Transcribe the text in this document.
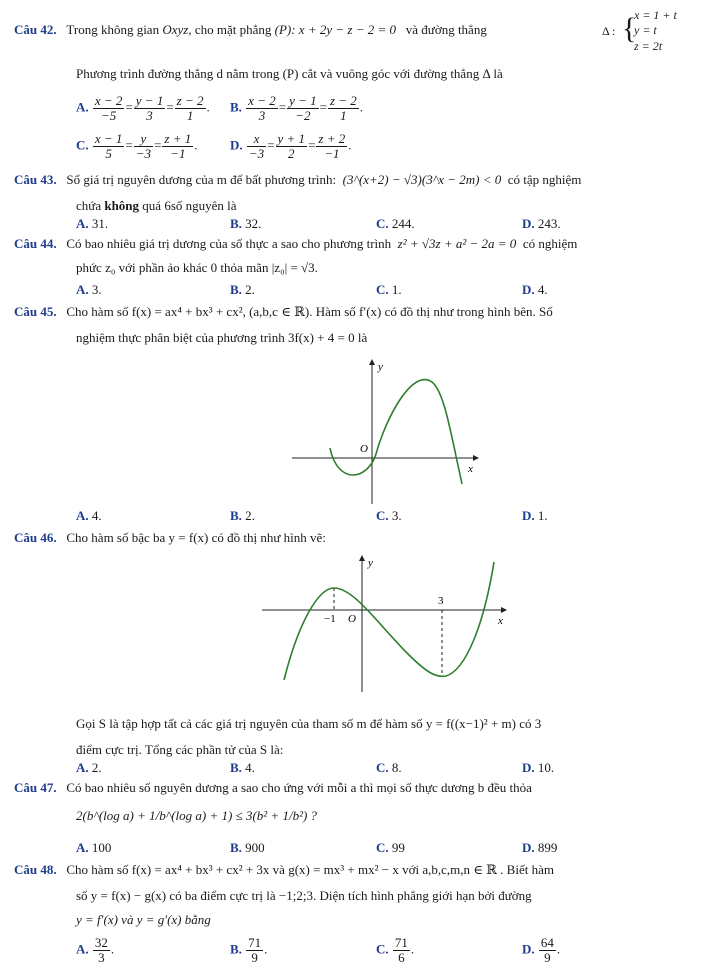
Câu 42. Trong không gian Oxyz, cho mặt phẳng (P): x + 2y − z − 2 = 0   và đường thẳng	Δ : {
x = 1 + t
y = t
z = 2t
Phương trình đường thẳng d nằm trong (P) cắt và vuông góc với đường thẳng Δ là
A. $\frac{x - 2}{-5} = \frac{y - 1}{3} = \frac{z - 2}{1}$ . B. $\frac{x - 2}{3} = \frac{y - 1}{-2} = \frac{z - 2}{1}$ .
C. $\frac{x - 1}{5} = \frac{y}{-3} = \frac{z + 1}{-1}$ .	D. $\frac{x}{-3} = \frac{y + 1}{2} = \frac{z + 2}{-1}$ .
Câu 43. Số giá trị nguyên dương của m để bất phương trình: (3^(x+2) − √3)(3^x − 2m) < 0 có tập nghiệm
chứa không quá 6số nguyên là
A. 31.	B. 32.	C. 244.	D. 243.
Câu 44. Có bao nhiêu giá trị dương của số thực a sao cho phương trình z² + √3z + a² − 2a = 0 có nghiệm
phức z₀ với phần ảo khác 0 thỏa mãn |z₀| = √3.
A. 3.	B. 2.	C. 1.	D. 4.
Câu 45. Cho hàm số f(x) = ax⁴ + bx³ + cx², (a,b,c ∈ ℝ). Hàm số f′(x) có đồ thị như trong hình bên. Số
nghiệm thực phân biệt của phương trình 3f(x) + 4 = 0 là
y
x
O
A. 4.	B. 2.	C. 3.	D. 1.
Câu 46. Cho hàm số bậc ba y = f(x) có đồ thị như hình vẽ:
y
x
O
−1
3
Gọi S là tập hợp tất cả các giá trị nguyên của tham số m để hàm số y = f((x−1)² + m) có 3
điểm cực trị. Tổng các phần tử của S là:
A. 2.	B. 4.	C. 8.	D. 10.
Câu 47. Có bao nhiêu số nguyên dương a sao cho ứng với mỗi a thì mọi số thực dương b đều thỏa
2(b^(log a) + 1/b^(log a) + 1) ≤ 3(b² + 1/b²) ?
A. 100	B. 900	C. 99	D. 899
Câu 48. Cho hàm số f(x) = ax⁴ + bx³ + cx² + 3x và g(x) = mx³ + mx² − x với a,b,c,m,n ∈ ℝ . Biết hàm
số y = f(x) − g(x) có ba điểm cực trị là −1;2;3. Diện tích hình phẳng giới hạn bởi đường
y = f′(x) và y = g′(x) bằng
A. $\frac{32}{3}$ .	B. $\frac{71}{9}$ .	C. $\frac{71}{6}$ .	D. $\frac{64}{9}$ .
